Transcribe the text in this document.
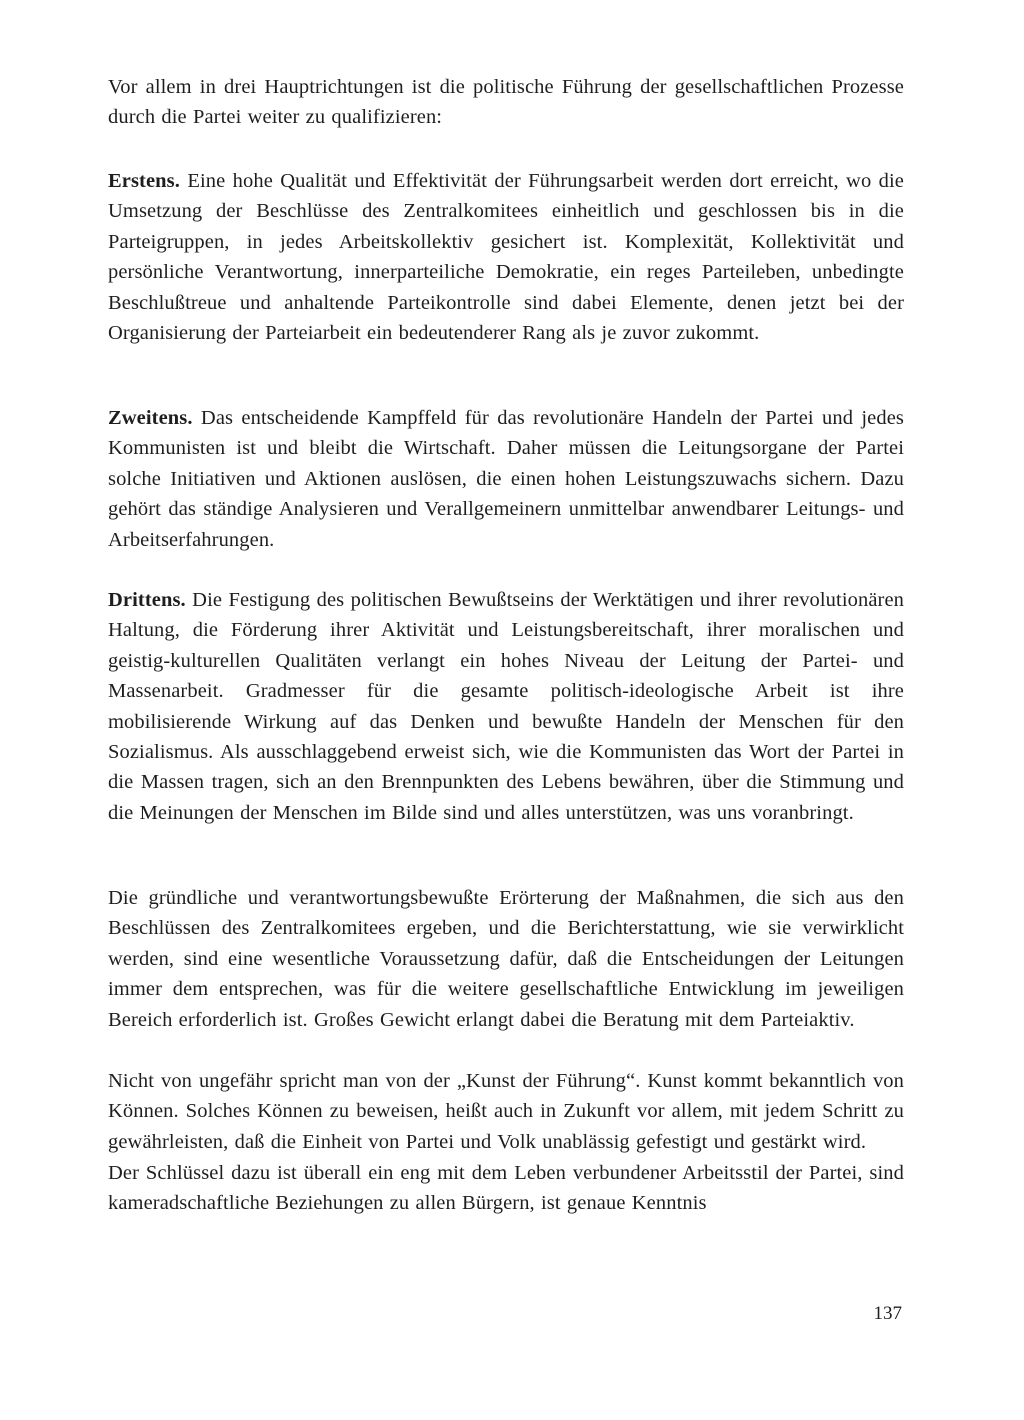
Vor allem in drei Hauptrichtungen ist die politische Führung der gesellschaftlichen Prozesse durch die Partei weiter zu qualifizieren:

Erstens. Eine hohe Qualität und Effektivität der Führungsarbeit werden dort erreicht, wo die Umsetzung der Beschlüsse des Zentralkomitees einheitlich und geschlossen bis in die Parteigruppen, in jedes Arbeitskollektiv gesichert ist. Komplexität, Kollektivität und persönliche Verantwortung, innerparteiliche Demokratie, ein reges Parteileben, unbedingte Beschlußtreue und anhaltende Parteikontrolle sind dabei Elemente, denen jetzt bei der Organisierung der Parteiarbeit ein bedeutenderer Rang als je zuvor zukommt.

Zweitens. Das entscheidende Kampffeld für das revolutionäre Handeln der Partei und jedes Kommunisten ist und bleibt die Wirtschaft. Daher müssen die Leitungsorgane der Partei solche Initiativen und Aktionen auslösen, die einen hohen Leistungszuwachs sichern. Dazu gehört das ständige Analysieren und Verallgemeinern unmittelbar anwendbarer Leitungs- und Arbeitserfahrungen.

Drittens. Die Festigung des politischen Bewußtseins der Werktätigen und ihrer revolutionären Haltung, die Förderung ihrer Aktivität und Leistungsbereitschaft, ihrer moralischen und geistig-kulturellen Qualitäten verlangt ein hohes Niveau der Leitung der Partei- und Massenarbeit. Gradmesser für die gesamte politisch-ideologische Arbeit ist ihre mobilisierende Wirkung auf das Denken und bewußte Handeln der Menschen für den Sozialismus. Als ausschlaggebend erweist sich, wie die Kommunisten das Wort der Partei in die Massen tragen, sich an den Brennpunkten des Lebens bewähren, über die Stimmung und die Meinungen der Menschen im Bilde sind und alles unterstützen, was uns voranbringt.

Die gründliche und verantwortungsbewußte Erörterung der Maßnahmen, die sich aus den Beschlüssen des Zentralkomitees ergeben, und die Berichterstattung, wie sie verwirklicht werden, sind eine wesentliche Voraussetzung dafür, daß die Entscheidungen der Leitungen immer dem entsprechen, was für die weitere gesellschaftliche Entwicklung im jeweiligen Bereich erforderlich ist. Großes Gewicht erlangt dabei die Beratung mit dem Parteiaktiv.

Nicht von ungefähr spricht man von der „Kunst der Führung“. Kunst kommt bekanntlich von Können. Solches Können zu beweisen, heißt auch in Zukunft vor allem, mit jedem Schritt zu gewährleisten, daß die Einheit von Partei und Volk unablässig gefestigt und gestärkt wird.

Der Schlüssel dazu ist überall ein eng mit dem Leben verbundener Arbeitsstil der Partei, sind kameradschaftliche Beziehungen zu allen Bürgern, ist genaue Kenntnis

137
